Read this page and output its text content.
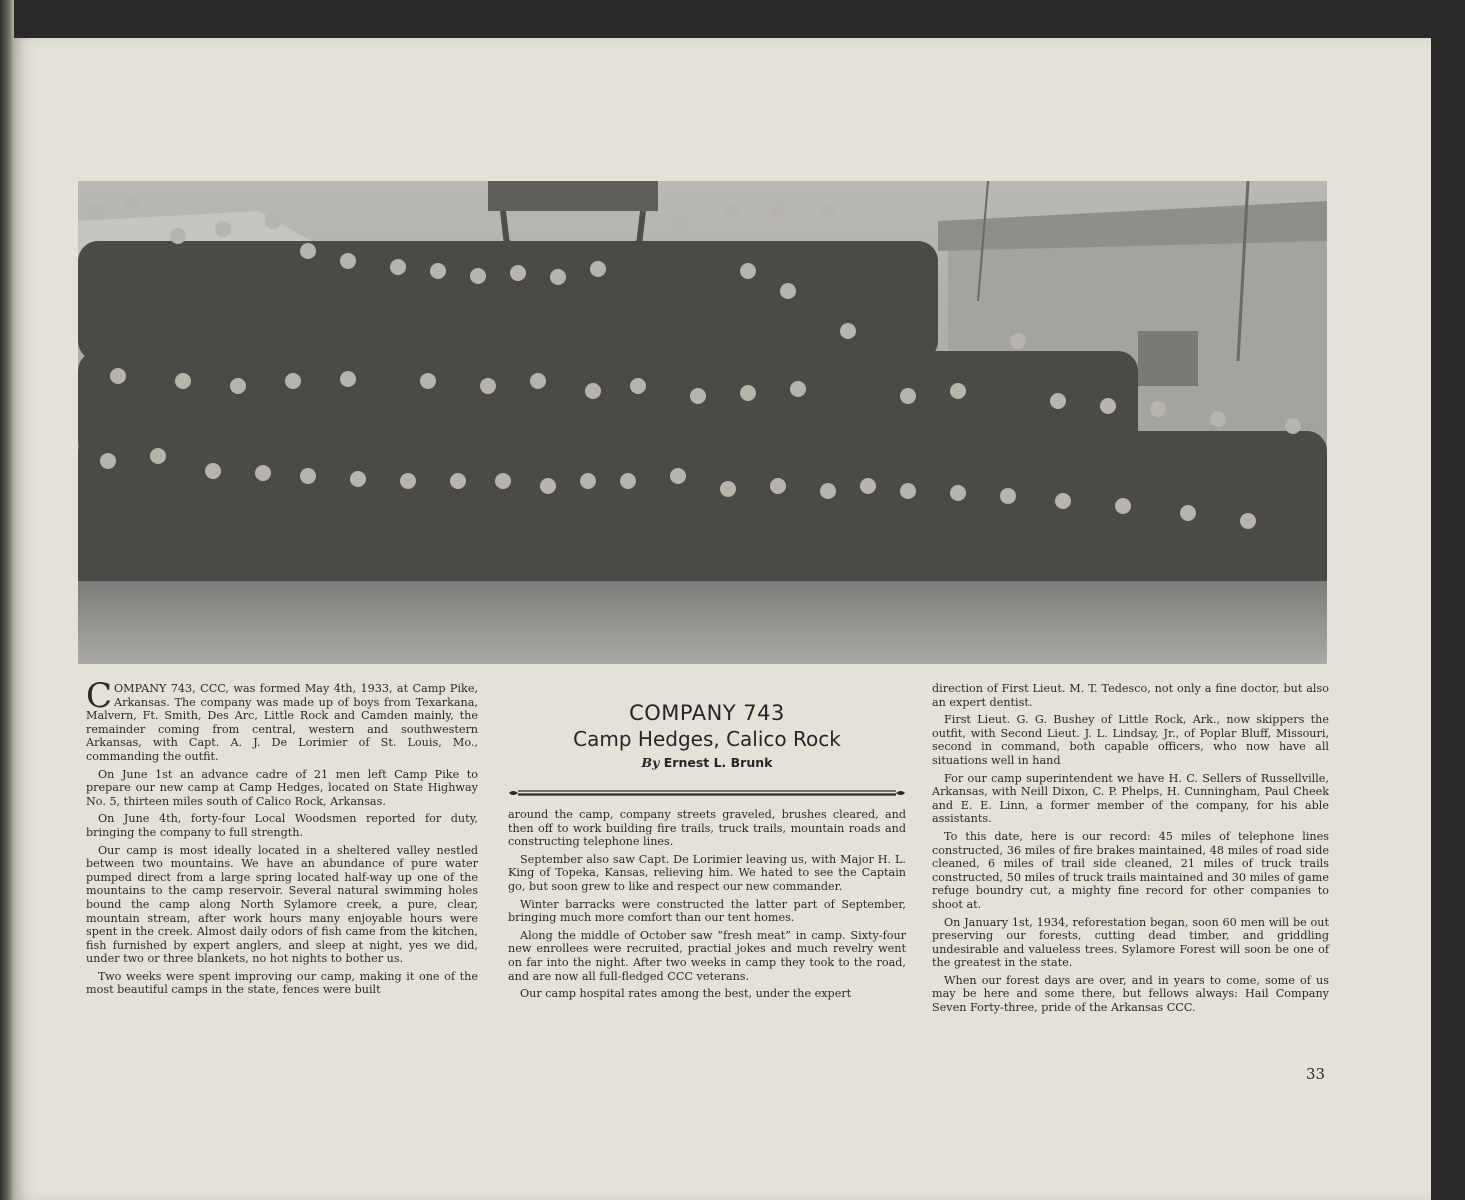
COMPANY 743, CCC, was formed May 4th, 1933, at Camp Pike, Arkansas. The company was made up of boys from Texarkana, Malvern, Ft. Smith, Des Arc, Little Rock and Camden mainly, the remainder coming from central, western and southwestern Arkansas, with Capt. A. J. De Lorimier of St. Louis, Mo., commanding the outfit.

On June 1st an advance cadre of 21 men left Camp Pike to prepare our new camp at Camp Hedges, located on State Highway No. 5, thirteen miles south of Calico Rock, Arkansas.

On June 4th, forty-four Local Woodsmen reported for duty, bringing the company to full strength.

Our camp is most ideally located in a sheltered valley nestled between two mountains. We have an abundance of pure water pumped direct from a large spring located half-way up one of the mountains to the camp reservoir. Several natural swimming holes bound the camp along North Sylamore creek, a pure, clear, mountain stream, after work hours many enjoyable hours were spent in the creek. Almost daily odors of fish came from the kitchen, fish furnished by expert anglers, and sleep at night, yes we did, under two or three blankets, no hot nights to bother us.

Two weeks were spent improving our camp, making it one of the most beautiful camps in the state, fences were built

COMPANY 743
Camp Hedges, Calico Rock
By Ernest L. Brunk

around the camp, company streets graveled, brushes cleared, and then off to work building fire trails, truck trails, mountain roads and constructing telephone lines.

September also saw Capt. De Lorimier leaving us, with Major H. L. King of Topeka, Kansas, relieving him. We hated to see the Captain go, but soon grew to like and respect our new commander.

Winter barracks were constructed the latter part of September, bringing much more comfort than our tent homes.

Along the middle of October saw “fresh meat” in camp. Sixty-four new enrollees were recruited, practial jokes and much revelry went on far into the night. After two weeks in camp they took to the road, and are now all full-fledged CCC veterans.

Our camp hospital rates among the best, under the expert

direction of First Lieut. M. T. Tedesco, not only a fine doctor, but also an expert dentist.

First Lieut. G. G. Bushey of Little Rock, Ark., now skippers the outfit, with Second Lieut. J. L. Lindsay, Jr., of Poplar Bluff, Missouri, second in command, both capable officers, who now have all situations well in hand

For our camp superintendent we have H. C. Sellers of Russellville, Arkansas, with Neill Dixon, C. P. Phelps, H. Cunningham, Paul Cheek and E. E. Linn, a former member of the company, for his able assistants.

To this date, here is our record: 45 miles of telephone lines constructed, 36 miles of fire brakes maintained, 48 miles of road side cleaned, 6 miles of trail side cleaned, 21 miles of truck trails constructed, 50 miles of truck trails maintained and 30 miles of game refuge boundry cut, a mighty fine record for other companies to shoot at.

On January 1st, 1934, reforestation began, soon 60 men will be out preserving our forests, cutting dead timber, and griddling undesirable and valueless trees. Sylamore Forest will soon be one of the greatest in the state.

When our forest days are over, and in years to come, some of us may be here and some there, but fellows always: Hail Company Seven Forty-three, pride of the Arkansas CCC.

33
